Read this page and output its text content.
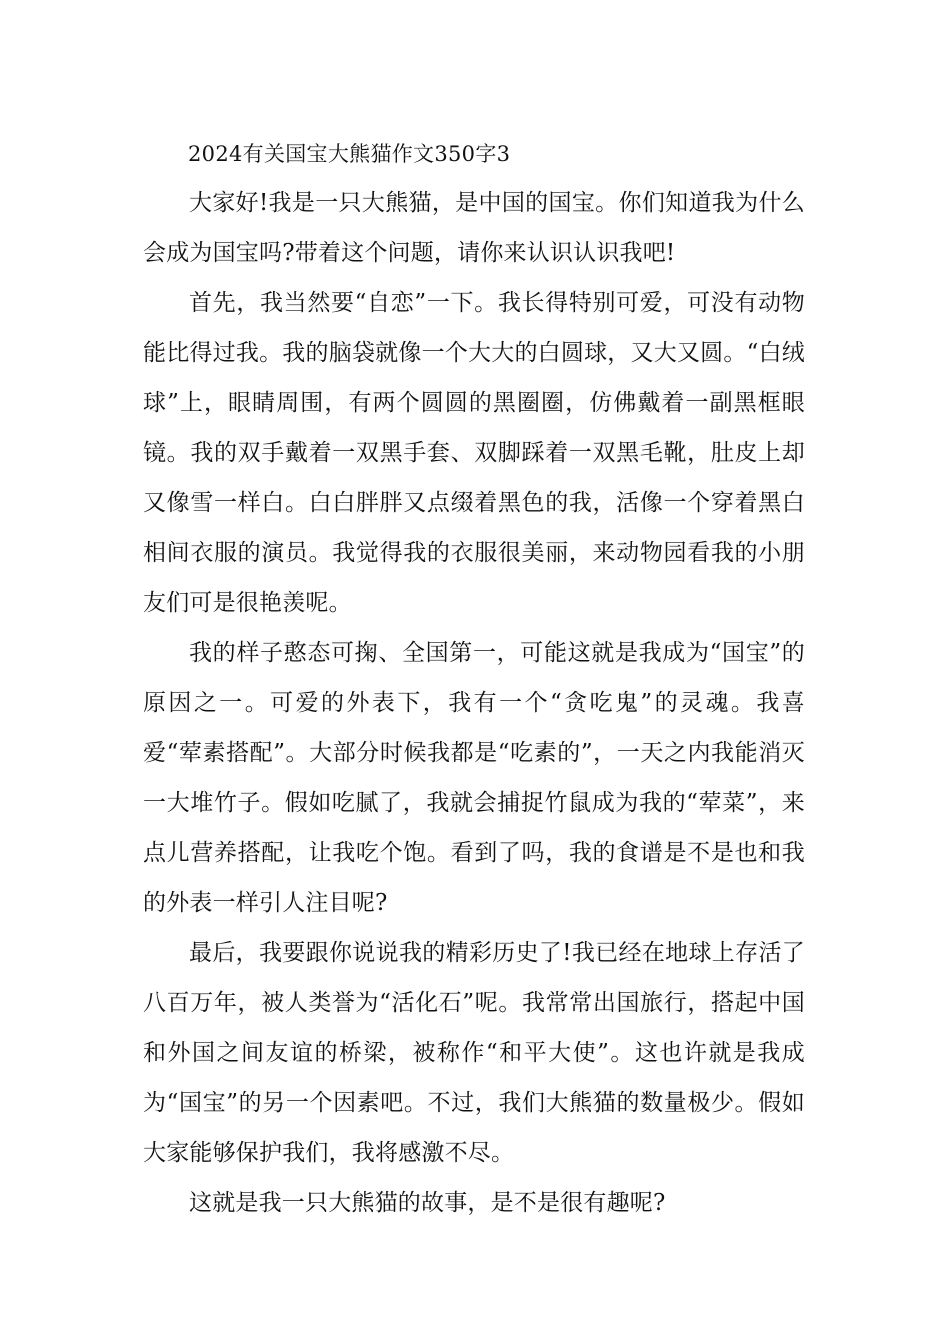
2024有关国宝大熊猫作文350字3

大家好!我是一只大熊猫，是中国的国宝。你们知道我为什么会成为国宝吗?带着这个问题，请你来认识认识我吧!

首先，我当然要“自恋”一下。我长得特别可爱，可没有动物能比得过我。我的脑袋就像一个大大的白圆球，又大又圆。“白绒球”上，眼睛周围，有两个圆圆的黑圈圈，仿佛戴着一副黑框眼镜。我的双手戴着一双黑手套、双脚踩着一双黑毛靴，肚皮上却又像雪一样白。白白胖胖又点缀着黑色的我，活像一个穿着黑白相间衣服的演员。我觉得我的衣服很美丽，来动物园看我的小朋友们可是很艳羡呢。

我的样子憨态可掬、全国第一，可能这就是我成为“国宝”的原因之一。可爱的外表下，我有一个“贪吃鬼”的灵魂。我喜爱“荤素搭配”。大部分时候我都是“吃素的”，一天之内我能消灭一大堆竹子。假如吃腻了，我就会捕捉竹鼠成为我的“荤菜”，来点儿营养搭配，让我吃个饱。看到了吗，我的食谱是不是也和我的外表一样引人注目呢?

最后，我要跟你说说我的精彩历史了!我已经在地球上存活了八百万年，被人类誉为“活化石”呢。我常常出国旅行，搭起中国和外国之间友谊的桥梁，被称作“和平大使”。这也许就是我成为“国宝”的另一个因素吧。不过，我们大熊猫的数量极少。假如大家能够保护我们，我将感激不尽。

这就是我一只大熊猫的故事，是不是很有趣呢?
